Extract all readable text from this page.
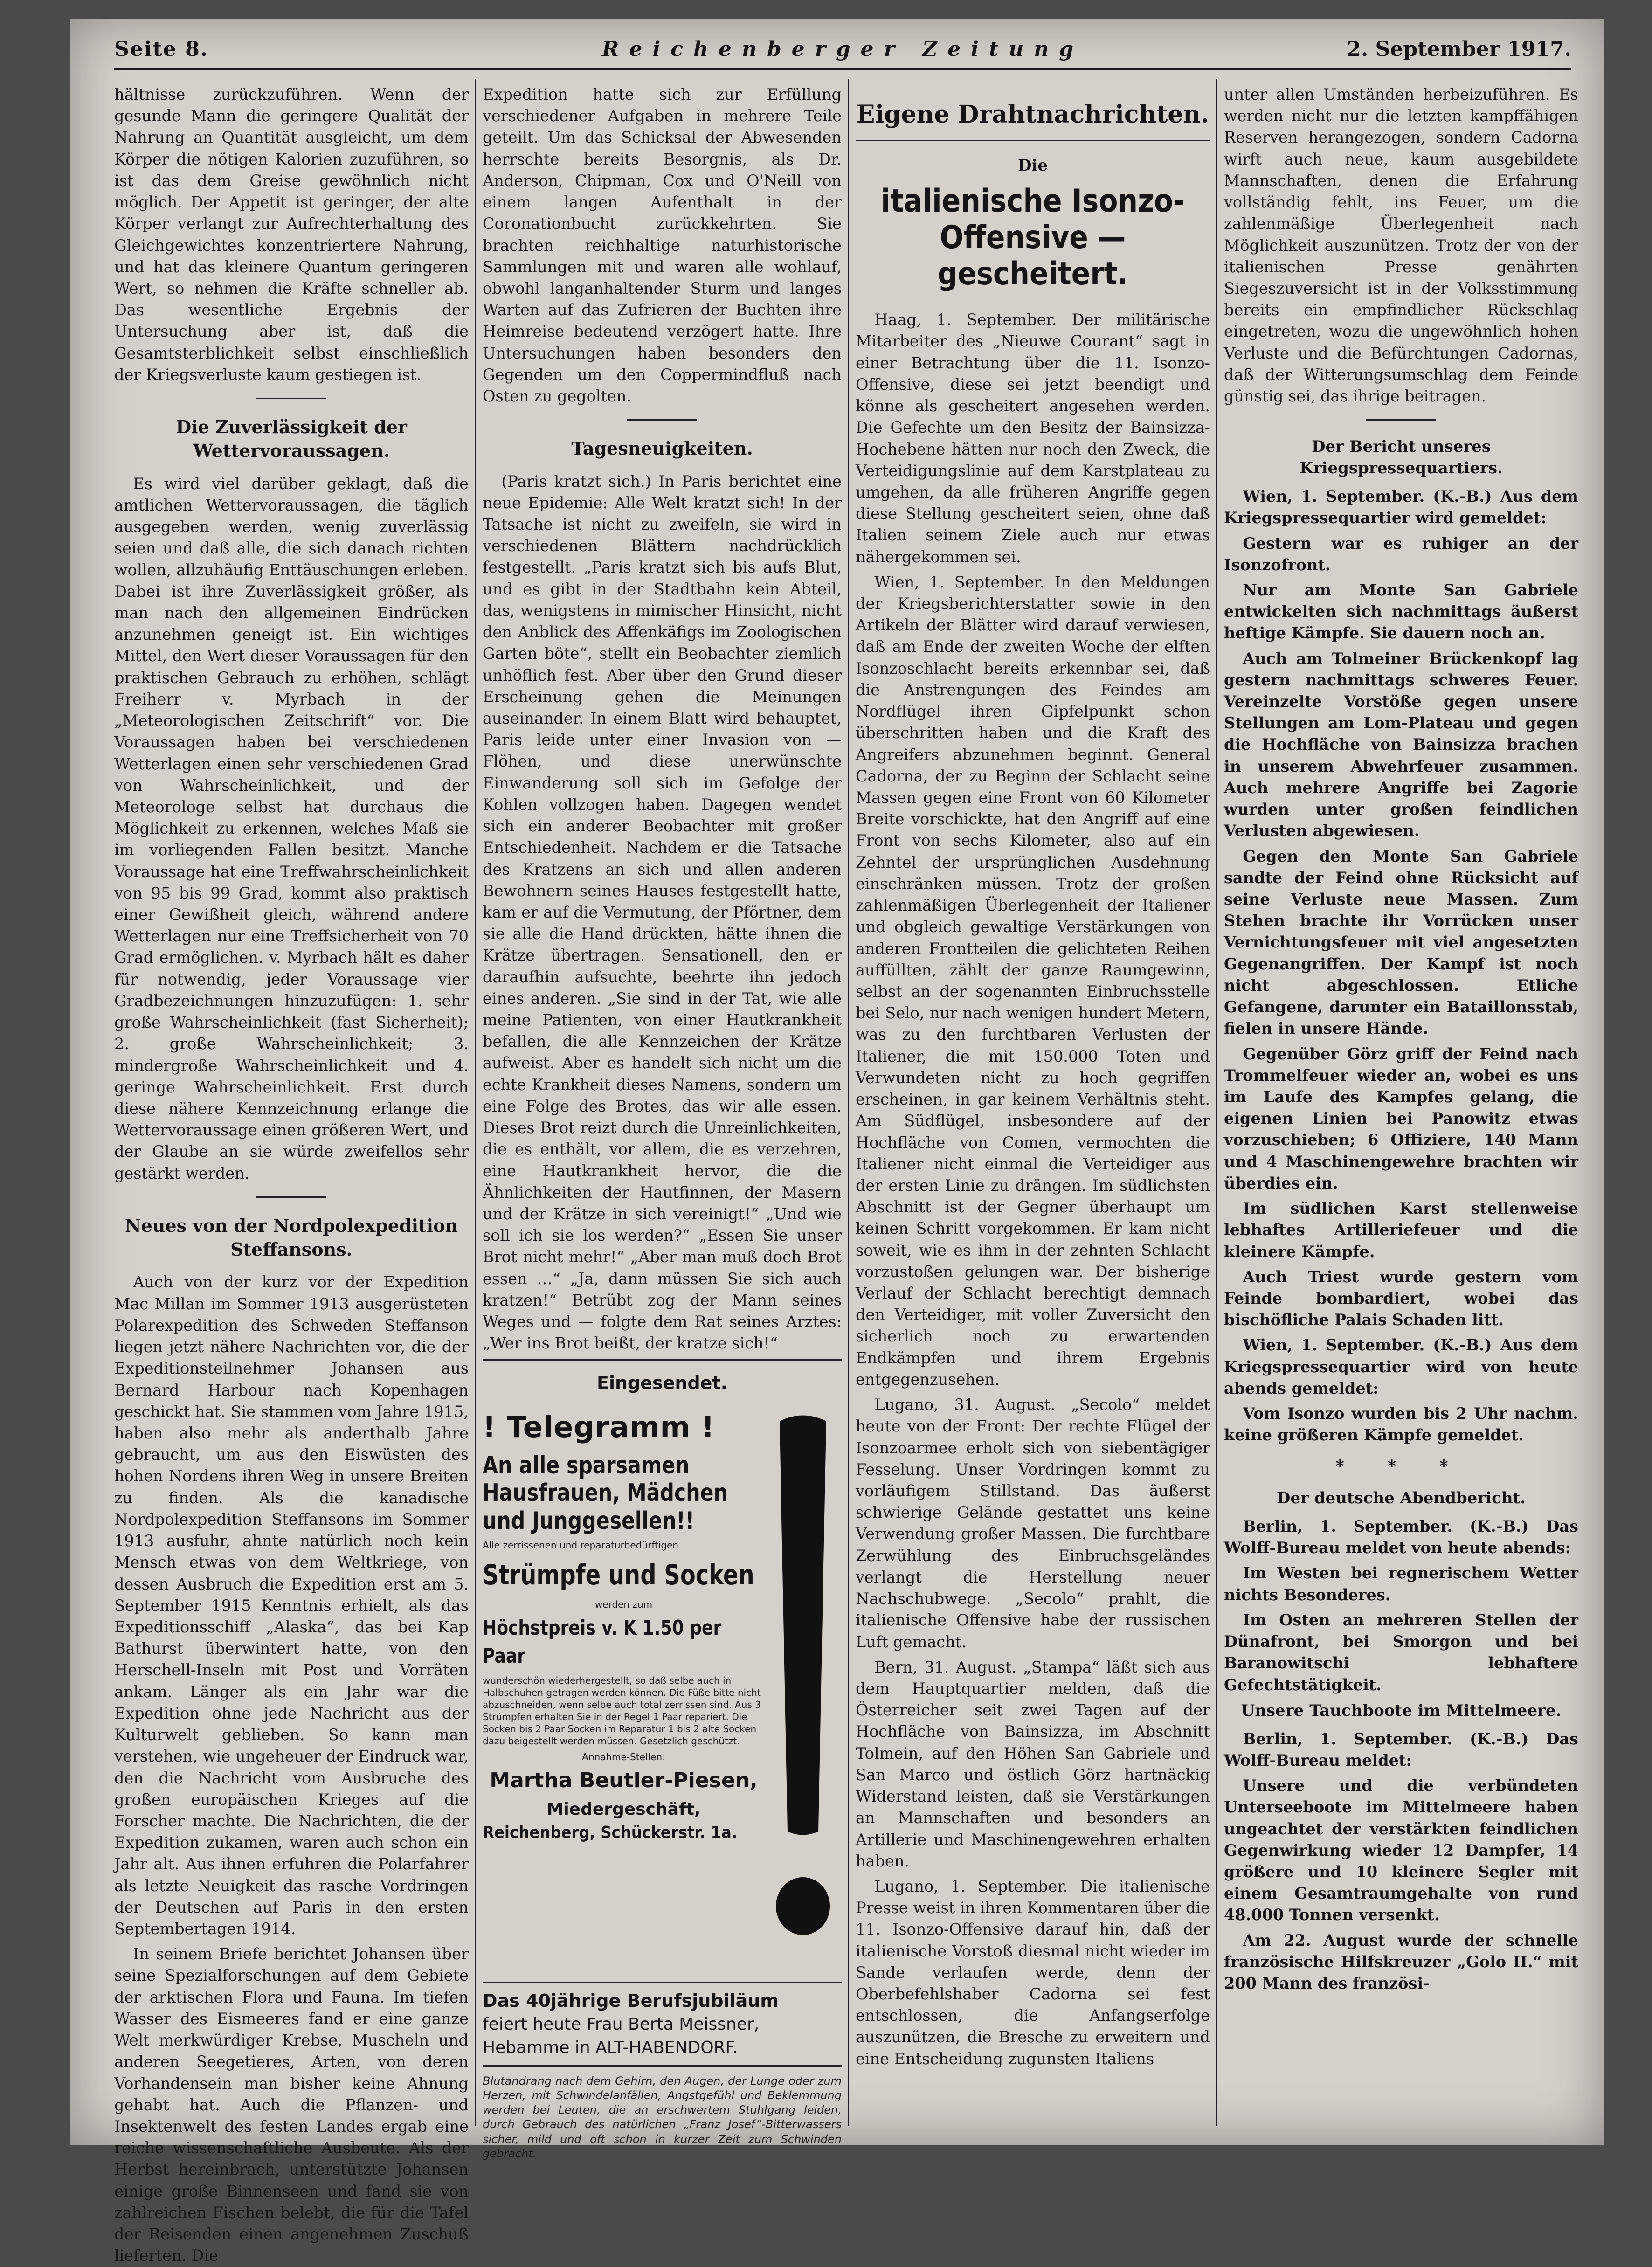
Seite 8.	Reichenberger Zeitung	2. September 1917.

hältnisse zurückzuführen. Wenn der gesunde Mann die geringere Qualität der Nahrung an Quantität ausgleicht, um dem Körper die nötigen Kalorien zuzuführen, so ist das dem Greise gewöhnlich nicht möglich. Der Appetit ist geringer, der alte Körper verlangt zur Aufrechterhaltung des Gleichgewichtes konzentriertere Nahrung, und hat das kleinere Quantum geringeren Wert, so nehmen die Kräfte schneller ab. Das wesentliche Ergebnis der Untersuchung aber ist, daß die Gesamtsterblichkeit selbst einschließlich der Kriegsverluste kaum gestiegen ist.

Die Zuverlässigkeit der Wettervoraussagen.

Es wird viel darüber geklagt, daß die amtlichen Wettervoraussagen, die täglich ausgegeben werden, wenig zuverlässig seien und daß alle, die sich danach richten wollen, allzuhäufig Enttäuschungen erleben. Dabei ist ihre Zuverlässigkeit größer, als man nach den allgemeinen Eindrücken anzunehmen geneigt ist. Ein wichtiges Mittel, den Wert dieser Voraussagen für den praktischen Gebrauch zu erhöhen, schlägt Freiherr v. Myrbach in der „Meteorologischen Zeitschrift“ vor. Die Voraussagen haben bei verschiedenen Wetterlagen einen sehr verschiedenen Grad von Wahrscheinlichkeit, und der Meteorologe selbst hat durchaus die Möglichkeit zu erkennen, welches Maß sie im vorliegenden Fallen besitzt. Manche Voraussage hat eine Treffwahrscheinlichkeit von 95 bis 99 Grad, kommt also praktisch einer Gewißheit gleich, während andere Wetterlagen nur eine Treffsicherheit von 70 Grad ermöglichen. v. Myrbach hält es daher für notwendig, jeder Voraussage vier Gradbezeichnungen hinzuzufügen: 1. sehr große Wahrscheinlichkeit (fast Sicherheit); 2. große Wahrscheinlichkeit; 3. mindergroße Wahrscheinlichkeit und 4. geringe Wahrscheinlichkeit. Erst durch diese nähere Kennzeichnung erlange die Wettervoraussage einen größeren Wert, und der Glaube an sie würde zweifellos sehr gestärkt werden.

Neues von der Nordpolexpedition Steffansons.

Auch von der kurz vor der Expedition Mac Millan im Sommer 1913 ausgerüsteten Polarexpedition des Schweden Steffanson liegen jetzt nähere Nachrichten vor, die der Expeditionsteilnehmer Johansen aus Bernard Harbour nach Kopenhagen geschickt hat. Sie stammen vom Jahre 1915, haben also mehr als anderthalb Jahre gebraucht, um aus den Eiswüsten des hohen Nordens ihren Weg in unsere Breiten zu finden. Als die kanadische Nordpolexpedition Steffansons im Sommer 1913 ausfuhr, ahnte natürlich noch kein Mensch etwas von dem Weltkriege, von dessen Ausbruch die Expedition erst am 5. September 1915 Kenntnis erhielt, als das Expeditionsschiff „Alaska“, das bei Kap Bathurst überwintert hatte, von den Herschell-Inseln mit Post und Vorräten ankam. Länger als ein Jahr war die Expedition ohne jede Nachricht aus der Kulturwelt geblieben. So kann man verstehen, wie ungeheuer der Eindruck war, den die Nachricht vom Ausbruche des großen europäischen Krieges auf die Forscher machte. Die Nachrichten, die der Expedition zukamen, waren auch schon ein Jahr alt. Aus ihnen erfuhren die Polarfahrer als letzte Neuigkeit das rasche Vordringen der Deutschen auf Paris in den ersten Septembertagen 1914.

In seinem Briefe berichtet Johansen über seine Spezialforschungen auf dem Gebiete der arktischen Flora und Fauna. Im tiefen Wasser des Eismeeres fand er eine ganze Welt merkwürdiger Krebse, Muscheln und anderen Seegetieres, Arten, von deren Vorhandensein man bisher keine Ahnung gehabt hat. Auch die Pflanzen- und Insektenwelt des festen Landes ergab eine reiche wissenschaftliche Ausbeute. Als der Herbst hereinbrach, unterstützte Johansen einige große Binnenseen und fand sie von zahlreichen Fischen belebt, die für die Tafel der Reisenden einen angenehmen Zuschuß lieferten. Die

Expedition hatte sich zur Erfüllung verschiedener Aufgaben in mehrere Teile geteilt. Um das Schicksal der Abwesenden herrschte bereits Besorgnis, als Dr. Anderson, Chipman, Cox und O'Neill von einem langen Aufenthalt in der Coronationbucht zurückkehrten. Sie brachten reichhaltige naturhistorische Sammlungen mit und waren alle wohlauf, obwohl langanhaltender Sturm und langes Warten auf das Zufrieren der Buchten ihre Heimreise bedeutend verzögert hatte. Ihre Untersuchungen haben besonders den Gegenden um den Coppermindfluß nach Osten zu gegolten.

Tagesneuigkeiten.

(Paris kratzt sich.) In Paris berichtet eine neue Epidemie: Alle Welt kratzt sich! In der Tatsache ist nicht zu zweifeln, sie wird in verschiedenen Blättern nachdrücklich festgestellt. „Paris kratzt sich bis aufs Blut, und es gibt in der Stadtbahn kein Abteil, das, wenigstens in mimischer Hinsicht, nicht den Anblick des Affenkäfigs im Zoologischen Garten böte“, stellt ein Beobachter ziemlich unhöflich fest. Aber über den Grund dieser Erscheinung gehen die Meinungen auseinander. In einem Blatt wird behauptet, Paris leide unter einer Invasion von — Flöhen, und diese unerwünschte Einwanderung soll sich im Gefolge der Kohlen vollzogen haben. Dagegen wendet sich ein anderer Beobachter mit großer Entschiedenheit. Nachdem er die Tatsache des Kratzens an sich und allen anderen Bewohnern seines Hauses festgestellt hatte, kam er auf die Vermutung, der Pförtner, dem sie alle die Hand drückten, hätte ihnen die Krätze übertragen. Sensationell, den er daraufhin aufsuchte, beehrte ihn jedoch eines anderen. „Sie sind in der Tat, wie alle meine Patienten, von einer Hautkrankheit befallen, die alle Kennzeichen der Krätze aufweist. Aber es handelt sich nicht um die echte Krankheit dieses Namens, sondern um eine Folge des Brotes, das wir alle essen. Dieses Brot reizt durch die Unreinlichkeiten, die es enthält, vor allem, die es verzehren, eine Hautkrankheit hervor, die die Ähnlichkeiten der Hautfinnen, der Masern und der Krätze in sich vereinigt!“ „Und wie soll ich sie los werden?“ „Essen Sie unser Brot nicht mehr!“ „Aber man muß doch Brot essen …“ „Ja, dann müssen Sie sich auch kratzen!“ Betrübt zog der Mann seines Weges und — folgte dem Rat seines Arztes: „Wer ins Brot beißt, der kratze sich!“

Eingesendet.
! Telegramm !
An alle sparsamen Hausfrauen, Mädchen und Junggesellen!!
Alle zerrissenen und reparaturbedürftigen
Strümpfe und Socken
werden zum
Höchstpreis v. K 1.50 per Paar
wunderschön wiederhergestellt, so daß selbe auch in Halbschuhen getragen werden können. Die Füße bitte nicht abzuschneiden, wenn selbe auch total zerrissen sind. Aus 3 Strümpfen erhalten Sie in der Regel 1 Paar repariert. Die Socken bis 2 Paar Socken im Reparatur 1 bis 2 alte Socken dazu beigestellt werden müssen. Gesetzlich geschützt.
Annahme-Stellen:
Martha Beutler-Piesen,
Miedergeschäft,
Reichenberg, Schückerstr. 1a.
Das 40jährige Berufsjubiläum
feiert heute Frau Berta Meissner,
Hebamme in ALT-HABENDORF.
Blutandrang nach dem Gehirn, den Augen, der Lunge oder zum Herzen, mit Schwindelanfällen, Angstgefühl und Beklemmung werden bei Leuten, die an erschwertem Stuhlgang leiden, durch Gebrauch des natürlichen „Franz Josef“-Bitterwassers sicher, mild und oft schon in kurzer Zeit zum Schwinden gebracht.
Eigene Drahtnachrichten.
Die
italienische Isonzo-Offensive — gescheitert.

Haag, 1. September. Der militärische Mitarbeiter des „Nieuwe Courant“ sagt in einer Betrachtung über die 11. Isonzo-Offensive, diese sei jetzt beendigt und könne als gescheitert angesehen werden. Die Gefechte um den Besitz der Bainsizza-Hochebene hätten nur noch den Zweck, die Verteidigungslinie auf dem Karstplateau zu umgehen, da alle früheren Angriffe gegen diese Stellung gescheitert seien, ohne daß Italien seinem Ziele auch nur etwas nähergekommen sei.

Wien, 1. September. In den Meldungen der Kriegsberichterstatter sowie in den Artikeln der Blätter wird darauf verwiesen, daß am Ende der zweiten Woche der elften Isonzoschlacht bereits erkennbar sei, daß die Anstrengungen des Feindes am Nordflügel ihren Gipfelpunkt schon überschritten haben und die Kraft des Angreifers abzunehmen beginnt. General Cadorna, der zu Beginn der Schlacht seine Massen gegen eine Front von 60 Kilometer Breite vorschickte, hat den Angriff auf eine Front von sechs Kilometer, also auf ein Zehntel der ursprünglichen Ausdehnung einschränken müssen. Trotz der großen zahlenmäßigen Überlegenheit der Italiener und obgleich gewaltige Verstärkungen von anderen Frontteilen die gelichteten Reihen auffüllten, zählt der ganze Raumgewinn, selbst an der sogenannten Einbruchsstelle bei Selo, nur nach wenigen hundert Metern, was zu den furchtbaren Verlusten der Italiener, die mit 150.000 Toten und Verwundeten nicht zu hoch gegriffen erscheinen, in gar keinem Verhältnis steht. Am Südflügel, insbesondere auf der Hochfläche von Comen, vermochten die Italiener nicht einmal die Verteidiger aus der ersten Linie zu drängen. Im südlichsten Abschnitt ist der Gegner überhaupt um keinen Schritt vorgekommen. Er kam nicht soweit, wie es ihm in der zehnten Schlacht vorzustoßen gelungen war. Der bisherige Verlauf der Schlacht berechtigt demnach den Verteidiger, mit voller Zuversicht den sicherlich noch zu erwartenden Endkämpfen und ihrem Ergebnis entgegenzusehen.

Lugano, 31. August. „Secolo“ meldet heute von der Front: Der rechte Flügel der Isonzoarmee erholt sich von siebentägiger Fesselung. Unser Vordringen kommt zu vorläufigem Stillstand. Das äußerst schwierige Gelände gestattet uns keine Verwendung großer Massen. Die furchtbare Zerwühlung des Einbruchsgeländes verlangt die Herstellung neuer Nachschubwege. „Secolo“ prahlt, die italienische Offensive habe der russischen Luft gemacht.

Bern, 31. August. „Stampa“ läßt sich aus dem Hauptquartier melden, daß die Österreicher seit zwei Tagen auf der Hochfläche von Bainsizza, im Abschnitt Tolmein, auf den Höhen San Gabriele und San Marco und östlich Görz hartnäckig Widerstand leisten, daß sie Verstärkungen an Mannschaften und besonders an Artillerie und Maschinengewehren erhalten haben.

Lugano, 1. September. Die italienische Presse weist in ihren Kommentaren über die 11. Isonzo-Offensive darauf hin, daß der italienische Vorstoß diesmal nicht wieder im Sande verlaufen werde, denn der Oberbefehlshaber Cadorna sei fest entschlossen, die Anfangserfolge auszunützen, die Bresche zu erweitern und eine Entscheidung zugunsten Italiens

unter allen Umständen herbeizuführen. Es werden nicht nur die letzten kampffähigen Reserven herangezogen, sondern Cadorna wirft auch neue, kaum ausgebildete Mannschaften, denen die Erfahrung vollständig fehlt, ins Feuer, um die zahlenmäßige Überlegenheit nach Möglichkeit auszunützen. Trotz der von der italienischen Presse genährten Siegeszuversicht ist in der Volksstimmung bereits ein empfindlicher Rückschlag eingetreten, wozu die ungewöhnlich hohen Verluste und die Befürchtungen Cadornas, daß der Witterungsumschlag dem Feinde günstig sei, das ihrige beitragen.

Der Bericht unseres Kriegspressequartiers.

Wien, 1. September. (K.-B.) Aus dem Kriegspressequartier wird gemeldet:

Gestern war es ruhiger an der Isonzofront.

Nur am Monte San Gabriele entwickelten sich nachmittags äußerst heftige Kämpfe. Sie dauern noch an.

Auch am Tolmeiner Brückenkopf lag gestern nachmittags schweres Feuer. Vereinzelte Vorstöße gegen unsere Stellungen am Lom-Plateau und gegen die Hochfläche von Bainsizza brachen in unserem Abwehrfeuer zusammen. Auch mehrere Angriffe bei Zagorie wurden unter großen feindlichen Verlusten abgewiesen.

Gegen den Monte San Gabriele sandte der Feind ohne Rücksicht auf seine Verluste neue Massen. Zum Stehen brachte ihr Vorrücken unser Vernichtungsfeuer mit viel angesetzten Gegenangriffen. Der Kampf ist noch nicht abgeschlossen. Etliche Gefangene, darunter ein Bataillonsstab, fielen in unsere Hände.

Gegenüber Görz griff der Feind nach Trommelfeuer wieder an, wobei es uns im Laufe des Kampfes gelang, die eigenen Linien bei Panowitz etwas vorzuschieben; 6 Offiziere, 140 Mann und 4 Maschinengewehre brachten wir überdies ein.

Im südlichen Karst stellenweise lebhaftes Artilleriefeuer und die kleinere Kämpfe.

Auch Triest wurde gestern vom Feinde bombardiert, wobei das bischöfliche Palais Schaden litt.

Wien, 1. September. (K.-B.) Aus dem Kriegspressequartier wird von heute abends gemeldet:

Vom Isonzo wurden bis 2 Uhr nachm. keine größeren Kämpfe gemeldet.

* * *
Der deutsche Abendbericht.

Berlin, 1. September. (K.-B.) Das Wolff-Bureau meldet von heute abends:

Im Westen bei regnerischem Wetter nichts Besonderes.

Im Osten an mehreren Stellen der Dünafront, bei Smorgon und bei Baranowitschi lebhaftere Gefechtstätigkeit.

Unsere Tauchboote im Mittelmeere.

Berlin, 1. September. (K.-B.) Das Wolff-Bureau meldet:

Unsere und die verbündeten Unterseeboote im Mittelmeere haben ungeachtet der verstärkten feindlichen Gegenwirkung wieder 12 Dampfer, 14 größere und 10 kleinere Segler mit einem Gesamtraumgehalte von rund 48.000 Tonnen versenkt.

Am 22. August wurde der schnelle französische Hilfskreuzer „Golo II.“ mit 200 Mann des französi-
